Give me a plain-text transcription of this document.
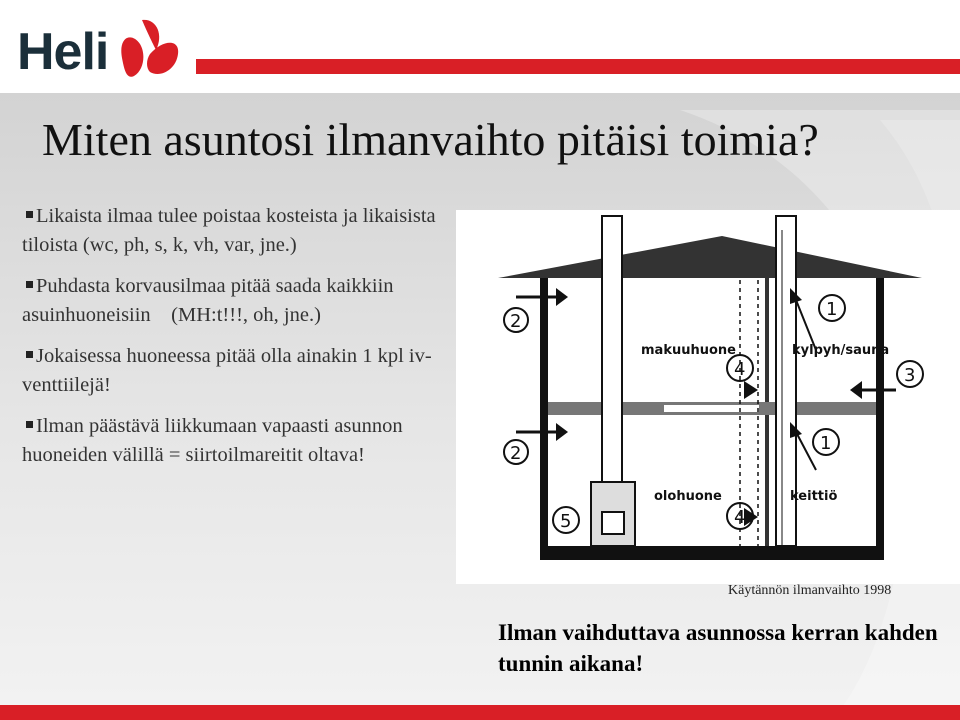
Heli
Miten asuntosi ilmanvaihto pitäisi toimia?
Likaista ilmaa tulee poistaa kosteista ja likaisista tiloista (wc, ph, s, k, vh, var, jne.)
Puhdasta korvausilmaa pitää saada kaikkiin asuinhuoneisiin    (MH:t!!!, oh, jne.)
Jokaisessa huoneessa pitää olla ainakin 1 kpl iv-venttiilejä!
Ilman päästävä liikkumaan vapaasti asunnon huoneiden välillä = siirtoilmareitit oltava!
2
2
1
1
3
4
4
5
makuuhuone	kylpyh/sauna
olohuone	keittiö

Käytännön ilmanvaihto 1998

Ilman vaihduttava asunnossa kerran kahden tunnin aikana!
